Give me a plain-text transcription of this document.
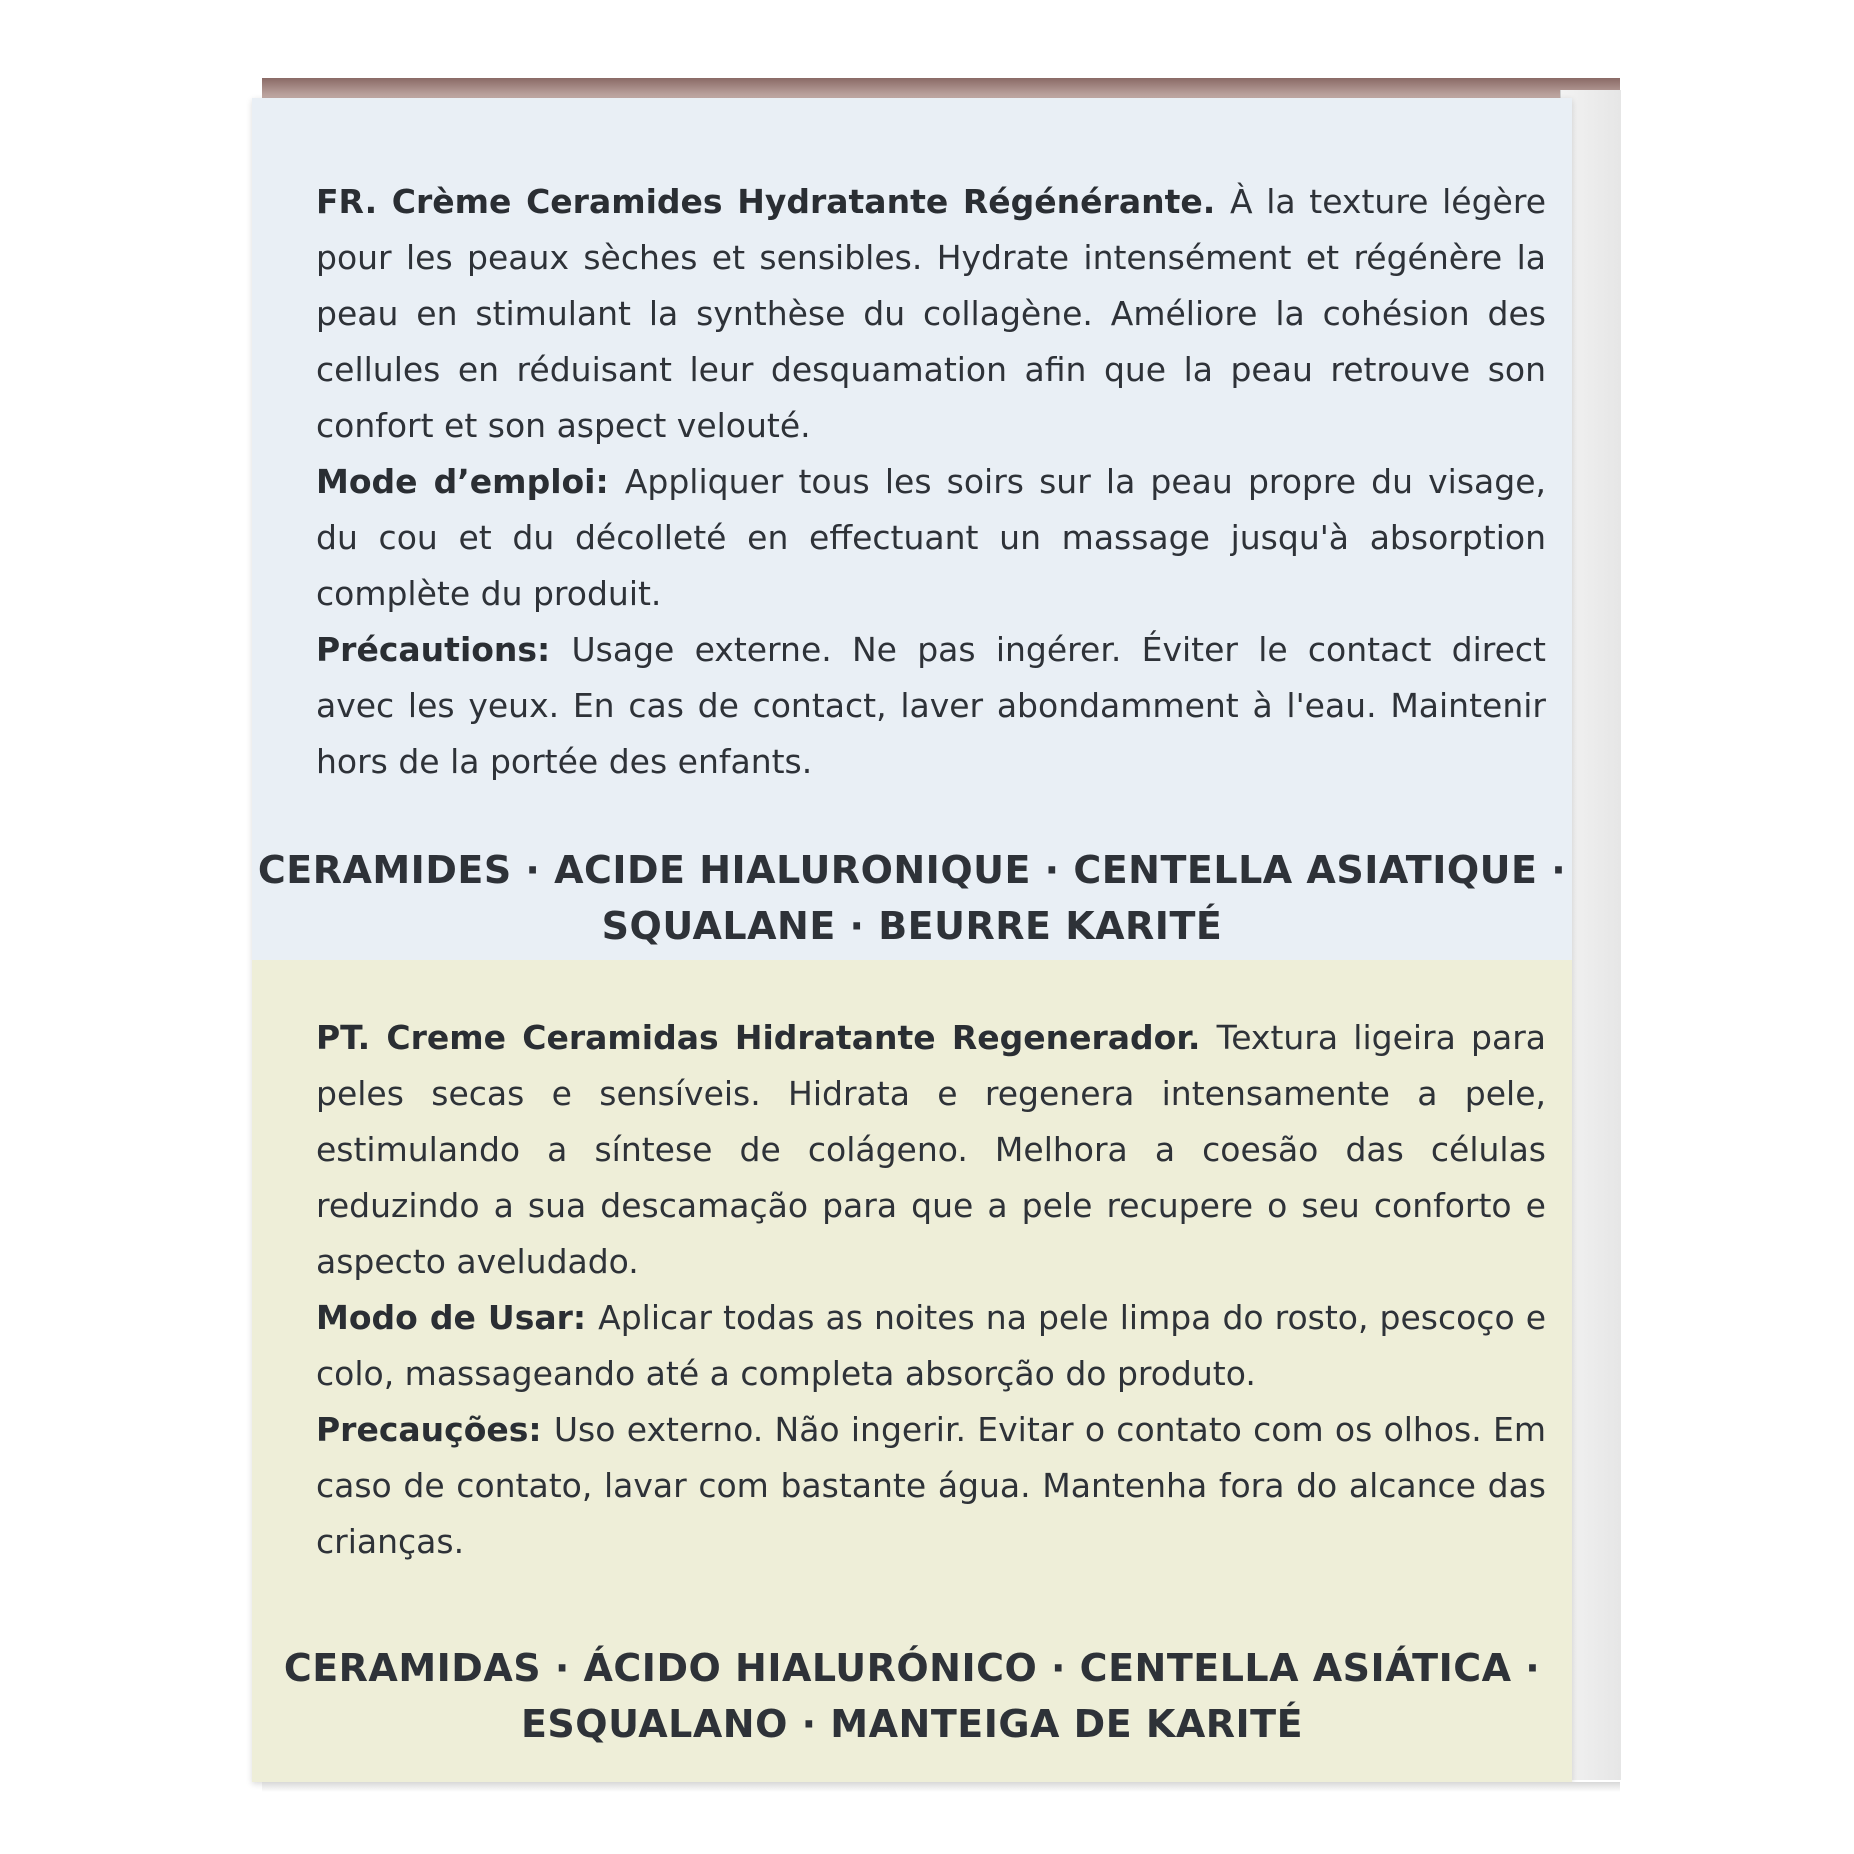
FR. Crème Ceramides Hydratante Régénérante. À la texture légère pour les peaux sèches et sensibles. Hydrate intensément et régénère la peau en stimulant la synthèse du collagène. Améliore la cohésion des cellules en réduisant leur desquamation afin que la peau retrouve son confort et son aspect velouté.

Mode d’emploi: Appliquer tous les soirs sur la peau propre du visage, du cou et du décolleté en effectuant un massage jusqu'à absorption complète du produit.

Précautions: Usage externe. Ne pas ingérer. Éviter le contact direct avec les yeux. En cas de contact, laver abondamment à l'eau. Maintenir hors de la portée des enfants.

CERAMIDES · ACIDE HIALURONIQUE · CENTELLA ASIATIQUE ·
SQUALANE · BEURRE KARITÉ

PT. Creme Ceramidas Hidratante Regenerador. Textura ligeira para peles secas e sensíveis. Hidrata e regenera intensamente a pele, estimulando a síntese de colágeno. Melhora a coesão das células reduzindo a sua descamação para que a pele recupere o seu conforto e aspecto aveludado.

Modo de Usar: Aplicar todas as noites na pele limpa do rosto, pescoço e colo, massageando até a completa absorção do produto.

Precauções: Uso externo. Não ingerir. Evitar o contato com os olhos. Em caso de contato, lavar com bastante água. Mantenha fora do alcance das crianças.

CERAMIDAS · ÁCIDO HIALURÓNICO · CENTELLA ASIÁTICA ·
ESQUALANO · MANTEIGA DE KARITÉ
